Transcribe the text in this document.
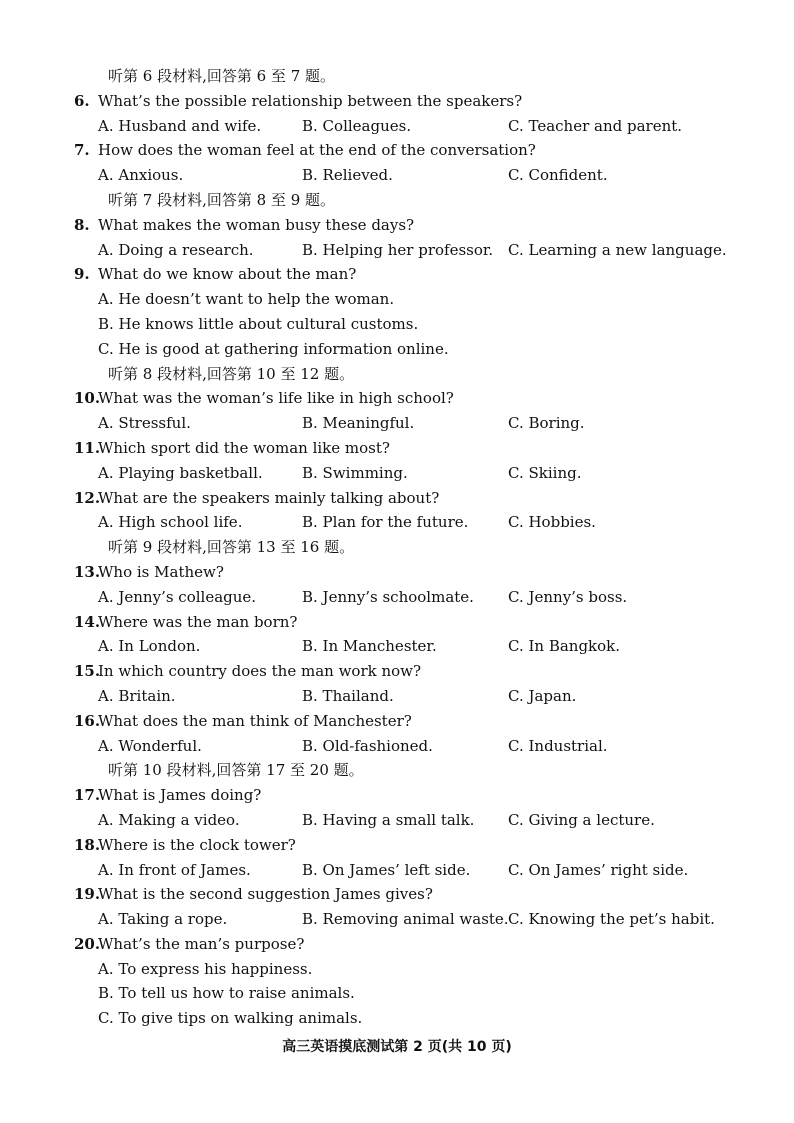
听第 6 段材料,回答第 6 至 7 题。
6. What’s the possible relationship between the speakers?
A. Husband and wife.	B. Colleagues.	C. Teacher and parent.
7. How does the woman feel at the end of the conversation?
A. Anxious.	B. Relieved.	C. Confident.
听第 7 段材料,回答第 8 至 9 题。
8. What makes the woman busy these days?
A. Doing a research.	B. Helping her professor. C. Learning a new language.
9. What do we know about the man?
A. He doesn’t want to help the woman.
B. He knows little about cultural customs.
C. He is good at gathering information online.
听第 8 段材料,回答第 10 至 12 题。
10.
What was the woman’s life like in high school?
A. Stressful.	B. Meaningful.	C. Boring.
11.
Which sport did the woman like most?
A. Playing basketball.	B. Swimming.	C. Skiing.
12.
What are the speakers mainly talking about?
A. High school life.	B. Plan for the future.	C. Hobbies.
听第 9 段材料,回答第 13 至 16 题。
13.
Who is Mathew?
A. Jenny’s colleague.	B. Jenny’s schoolmate. C. Jenny’s boss.
14.
Where was the man born?
A. In London.	B. In Manchester.	C. In Bangkok.
15.
In which country does the man work now?
A. Britain.	B. Thailand.	C. Japan.
16.
What does the man think of Manchester?
A. Wonderful.	B. Old-fashioned.	C. Industrial.
听第 10 段材料,回答第 17 至 20 题。
17.
What is James doing?
A. Making a video.	B. Having a small talk. C. Giving a lecture.
18.
Where is the clock tower?
A. In front of James.	B. On James’ left side.	C. On James’ right side.
19.
What is the second suggestion James gives?
A. Taking a rope.	B. Removing animal waste. C. Knowing the pet’s habit.
20.
What’s the man’s purpose?
A. To express his happiness.
B. To tell us how to raise animals.
C. To give tips on walking animals.
高三英语摸底测试第 2 页(共 10 页)
